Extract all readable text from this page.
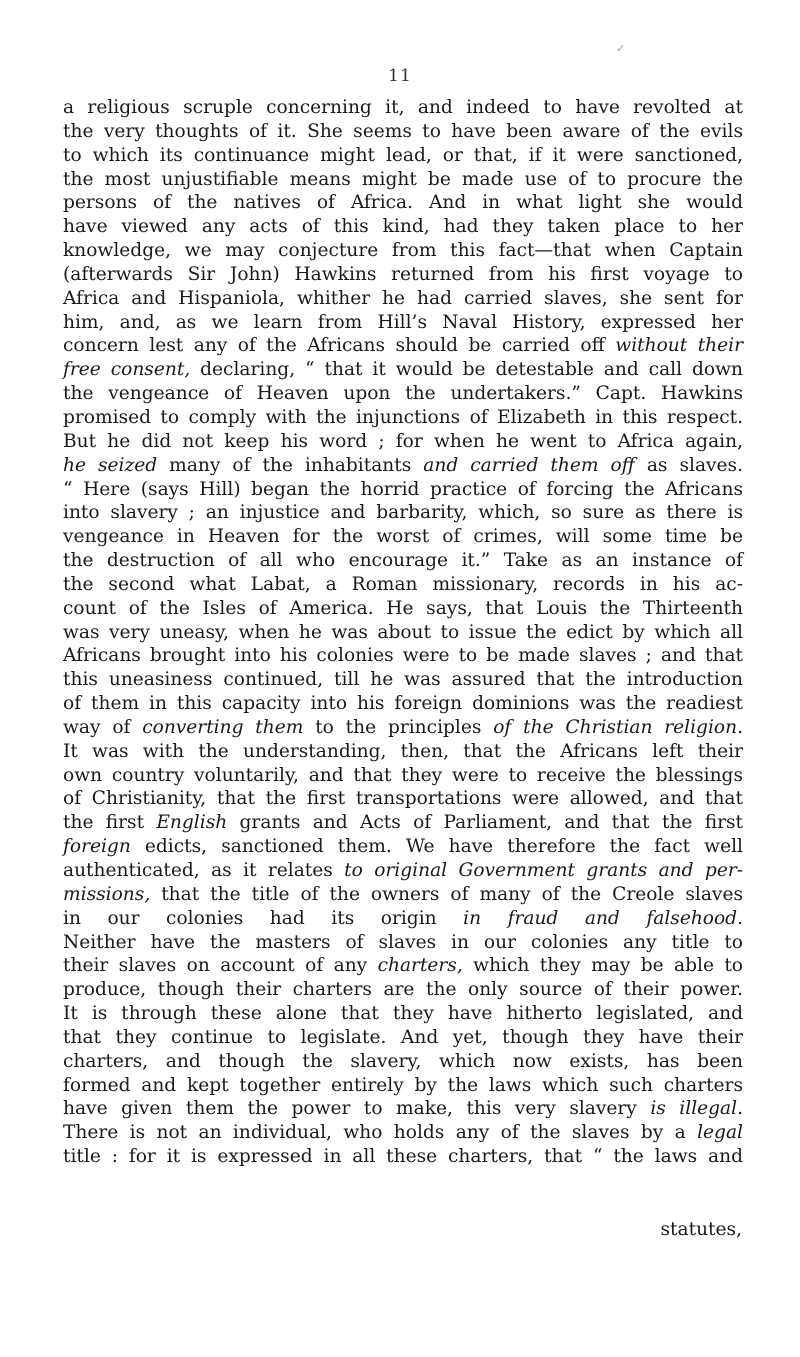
✓
11
a religious scruple concerning it, and indeed to have revolted at
the very thoughts of it. She seems to have been aware of the evils
to which its continuance might lead, or that, if it were sanctioned,
the most unjustifiable means might be made use of to procure the
persons of the natives of Africa. And in what light she would
have viewed any acts of this kind, had they taken place to her
knowledge, we may conjecture from this fact—that when Captain
(afterwards Sir John) Hawkins returned from his first voyage to
Africa and Hispaniola, whither he had carried slaves, she sent for
him, and, as we learn from Hill’s Naval History, expressed her
concern lest any of the Africans should be carried off without their
free consent, declaring, “ that it would be detestable and call down
the vengeance of Heaven upon the undertakers.” Capt. Hawkins
promised to comply with the injunctions of Elizabeth in this respect.
But he did not keep his word ; for when he went to Africa again,
he seized many of the inhabitants and carried them off as slaves.
“ Here (says Hill) began the horrid practice of forcing the Africans
into slavery ; an injustice and barbarity, which, so sure as there is
vengeance in Heaven for the worst of crimes, will some time be
the destruction of all who encourage it.” Take as an instance of
the second what Labat, a Roman missionary, records in his ac-
count of the Isles of America. He says, that Louis the Thirteenth
was very uneasy, when he was about to issue the edict by which all
Africans brought into his colonies were to be made slaves ; and that
this uneasiness continued, till he was assured that the introduction
of them in this capacity into his foreign dominions was the readiest
way of converting them to the principles of the Christian religion.
It was with the understanding, then, that the Africans left their
own country voluntarily, and that they were to receive the blessings
of Christianity, that the first transportations were allowed, and that
the first English grants and Acts of Parliament, and that the first
foreign edicts, sanctioned them. We have therefore the fact well
authenticated, as it relates to original Government grants and per-
missions, that the title of the owners of many of the Creole slaves
in our colonies had its origin in fraud and falsehood.
Neither have the masters of slaves in our colonies any title to
their slaves on account of any charters, which they may be able to
produce, though their charters are the only source of their power.
It is through these alone that they have hitherto legislated, and
that they continue to legislate. And yet, though they have their
charters, and though the slavery, which now exists, has been
formed and kept together entirely by the laws which such charters
have given them the power to make, this very slavery is illegal.
There is not an individual, who holds any of the slaves by a legal
title : for it is expressed in all these charters, that “ the laws and
statutes,
